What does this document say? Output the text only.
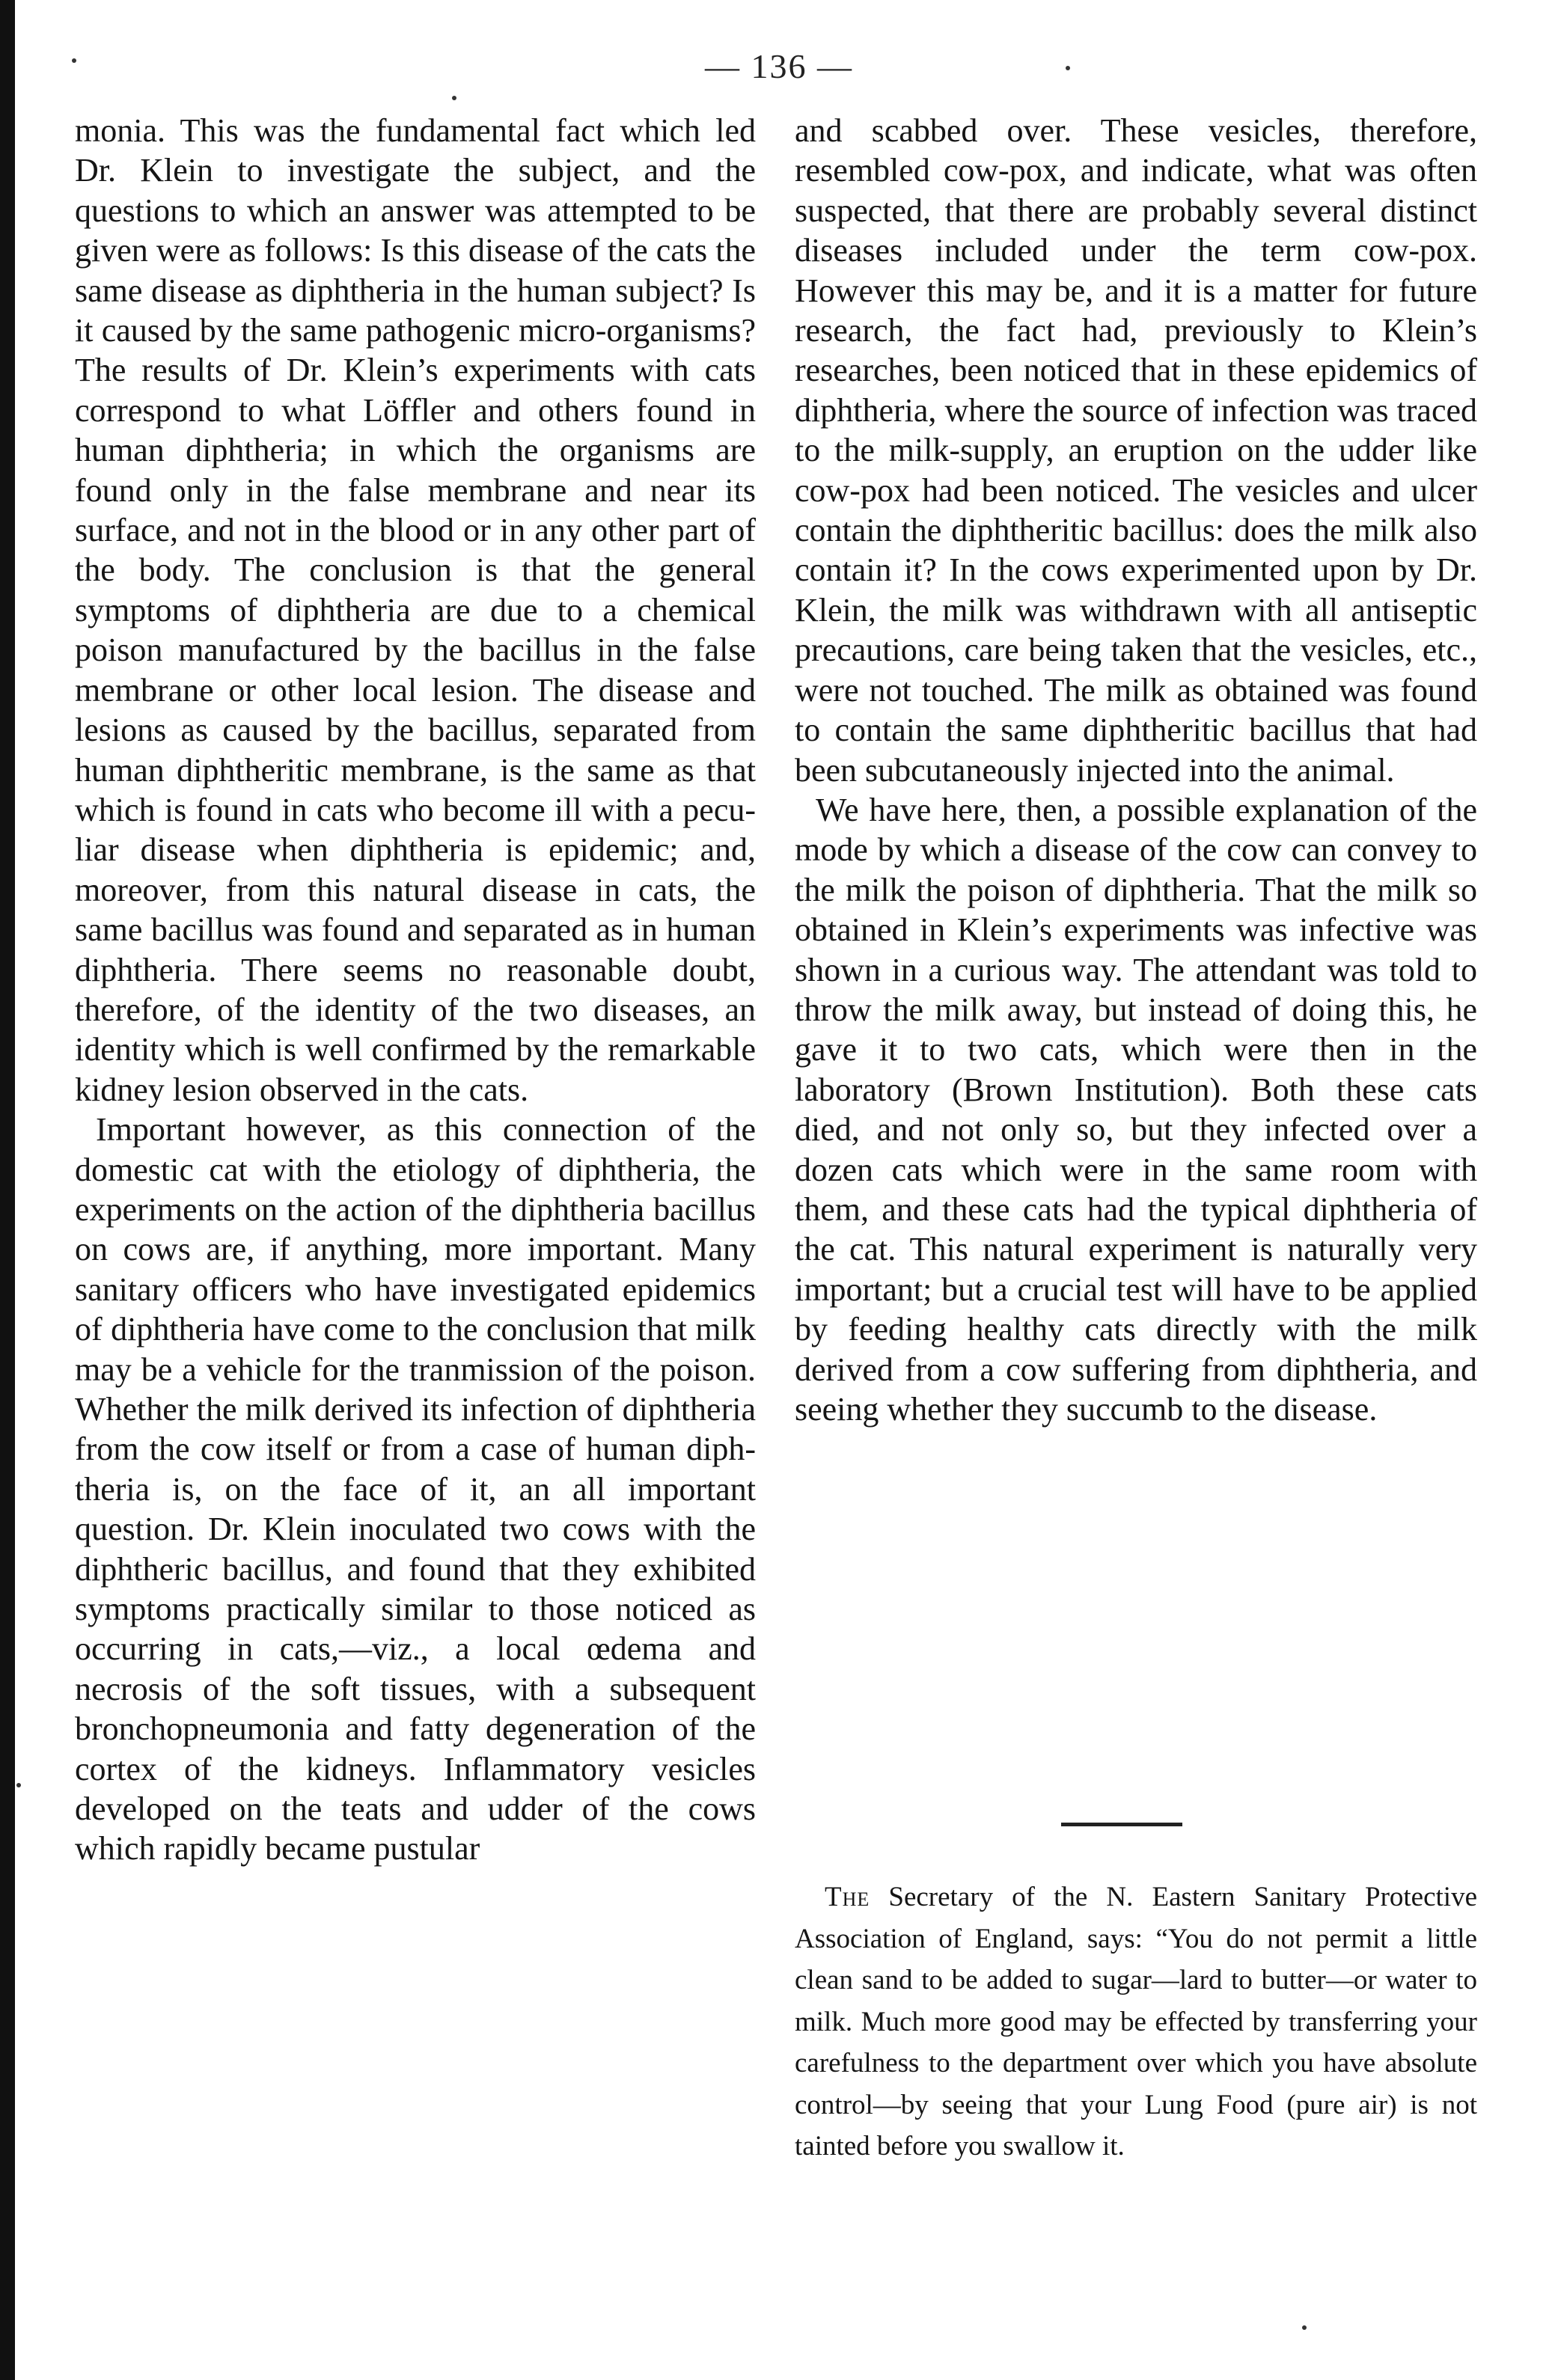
— 136 —

monia. This was the fundamental fact which led Dr. Klein to investigate the subject, and the questions to which an answer was attempted to be given were as follows: Is this disease of the cats the same disease as diphtheria in the human subject? Is it caused by the same pathogenic micro-organisms? The results of Dr. Klein’s experiments with cats correspond to what Löffler and others found in human diphtheria; in which the organisms are found only in the false membrane and near its surface, and not in the blood or in any other part of the body. The conclusion is that the general symptoms of diphtheria are due to a chemical poison manufactured by the bacillus in the false membrane or other local lesion. The disease and lesions as caused by the bacillus, separated from human diphtheritic membrane, is the same as that which is found in cats who become ill with a peculiar disease when diphtheria is epidemic; and, moreover, from this natural disease in cats, the same bacillus was found and separated as in human diphtheria. There seems no reasonable doubt, therefore, of the identity of the two diseases, an identity which is well confirmed by the remarkable kidney lesion observed in the cats.

Important however, as this connection of the domestic cat with the etiology of diphtheria, the experiments on the action of the diphtheria bacillus on cows are, if anything, more important. Many sanitary officers who have investigated epidemics of diphtheria have come to the conclusion that milk may be a vehicle for the tranmission of the poison. Whether the milk derived its infection of diphtheria from the cow itself or from a case of human diphtheria is, on the face of it, an all important question. Dr. Klein inoculated two cows with the diphtheric bacillus, and found that they exhibited symptoms practically similar to those noticed as occurring in cats,—viz., a local œdema and necrosis of the soft tissues, with a subsequent bronchopneumonia and fatty degeneration of the cortex of the kidneys. Inflammatory vesicles developed on the teats and udder of the cows which rapidly became pustular

and scabbed over. These vesicles, therefore, resembled cow-pox, and indicate, what was often suspected, that there are probably several distinct diseases included under the term cow-pox. However this may be, and it is a matter for future research, the fact had, previously to Klein’s researches, been noticed that in these epidemics of diphtheria, where the source of infection was traced to the milk-supply, an eruption on the udder like cow-pox had been noticed. The vesicles and ulcer contain the diphtheritic bacillus: does the milk also contain it? In the cows experimented upon by Dr. Klein, the milk was withdrawn with all antiseptic precautions, care being taken that the vesicles, etc., were not touched. The milk as obtained was found to contain the same diphtheritic bacillus that had been subcutaneously injected into the animal.

We have here, then, a possible explanation of the mode by which a disease of the cow can convey to the milk the poison of diphtheria. That the milk so obtained in Klein’s experiments was infective was shown in a curious way. The attendant was told to throw the milk away, but instead of doing this, he gave it to two cats, which were then in the laboratory (Brown Institution). Both these cats died, and not only so, but they infected over a dozen cats which were in the same room with them, and these cats had the typical diphtheria of the cat. This natural experiment is naturally very important; but a crucial test will have to be applied by feeding healthy cats directly with the milk derived from a cow suffering from diphtheria, and seeing whether they succumb to the disease.

The Secretary of the N. Eastern Sanitary Protective Association of England, says: “You do not permit a little clean sand to be added to sugar—lard to butter—or water to milk. Much more good may be effected by transferring your carefulness to the department over which you have absolute control—by seeing that your Lung Food (pure air) is not tainted before you swallow it.
